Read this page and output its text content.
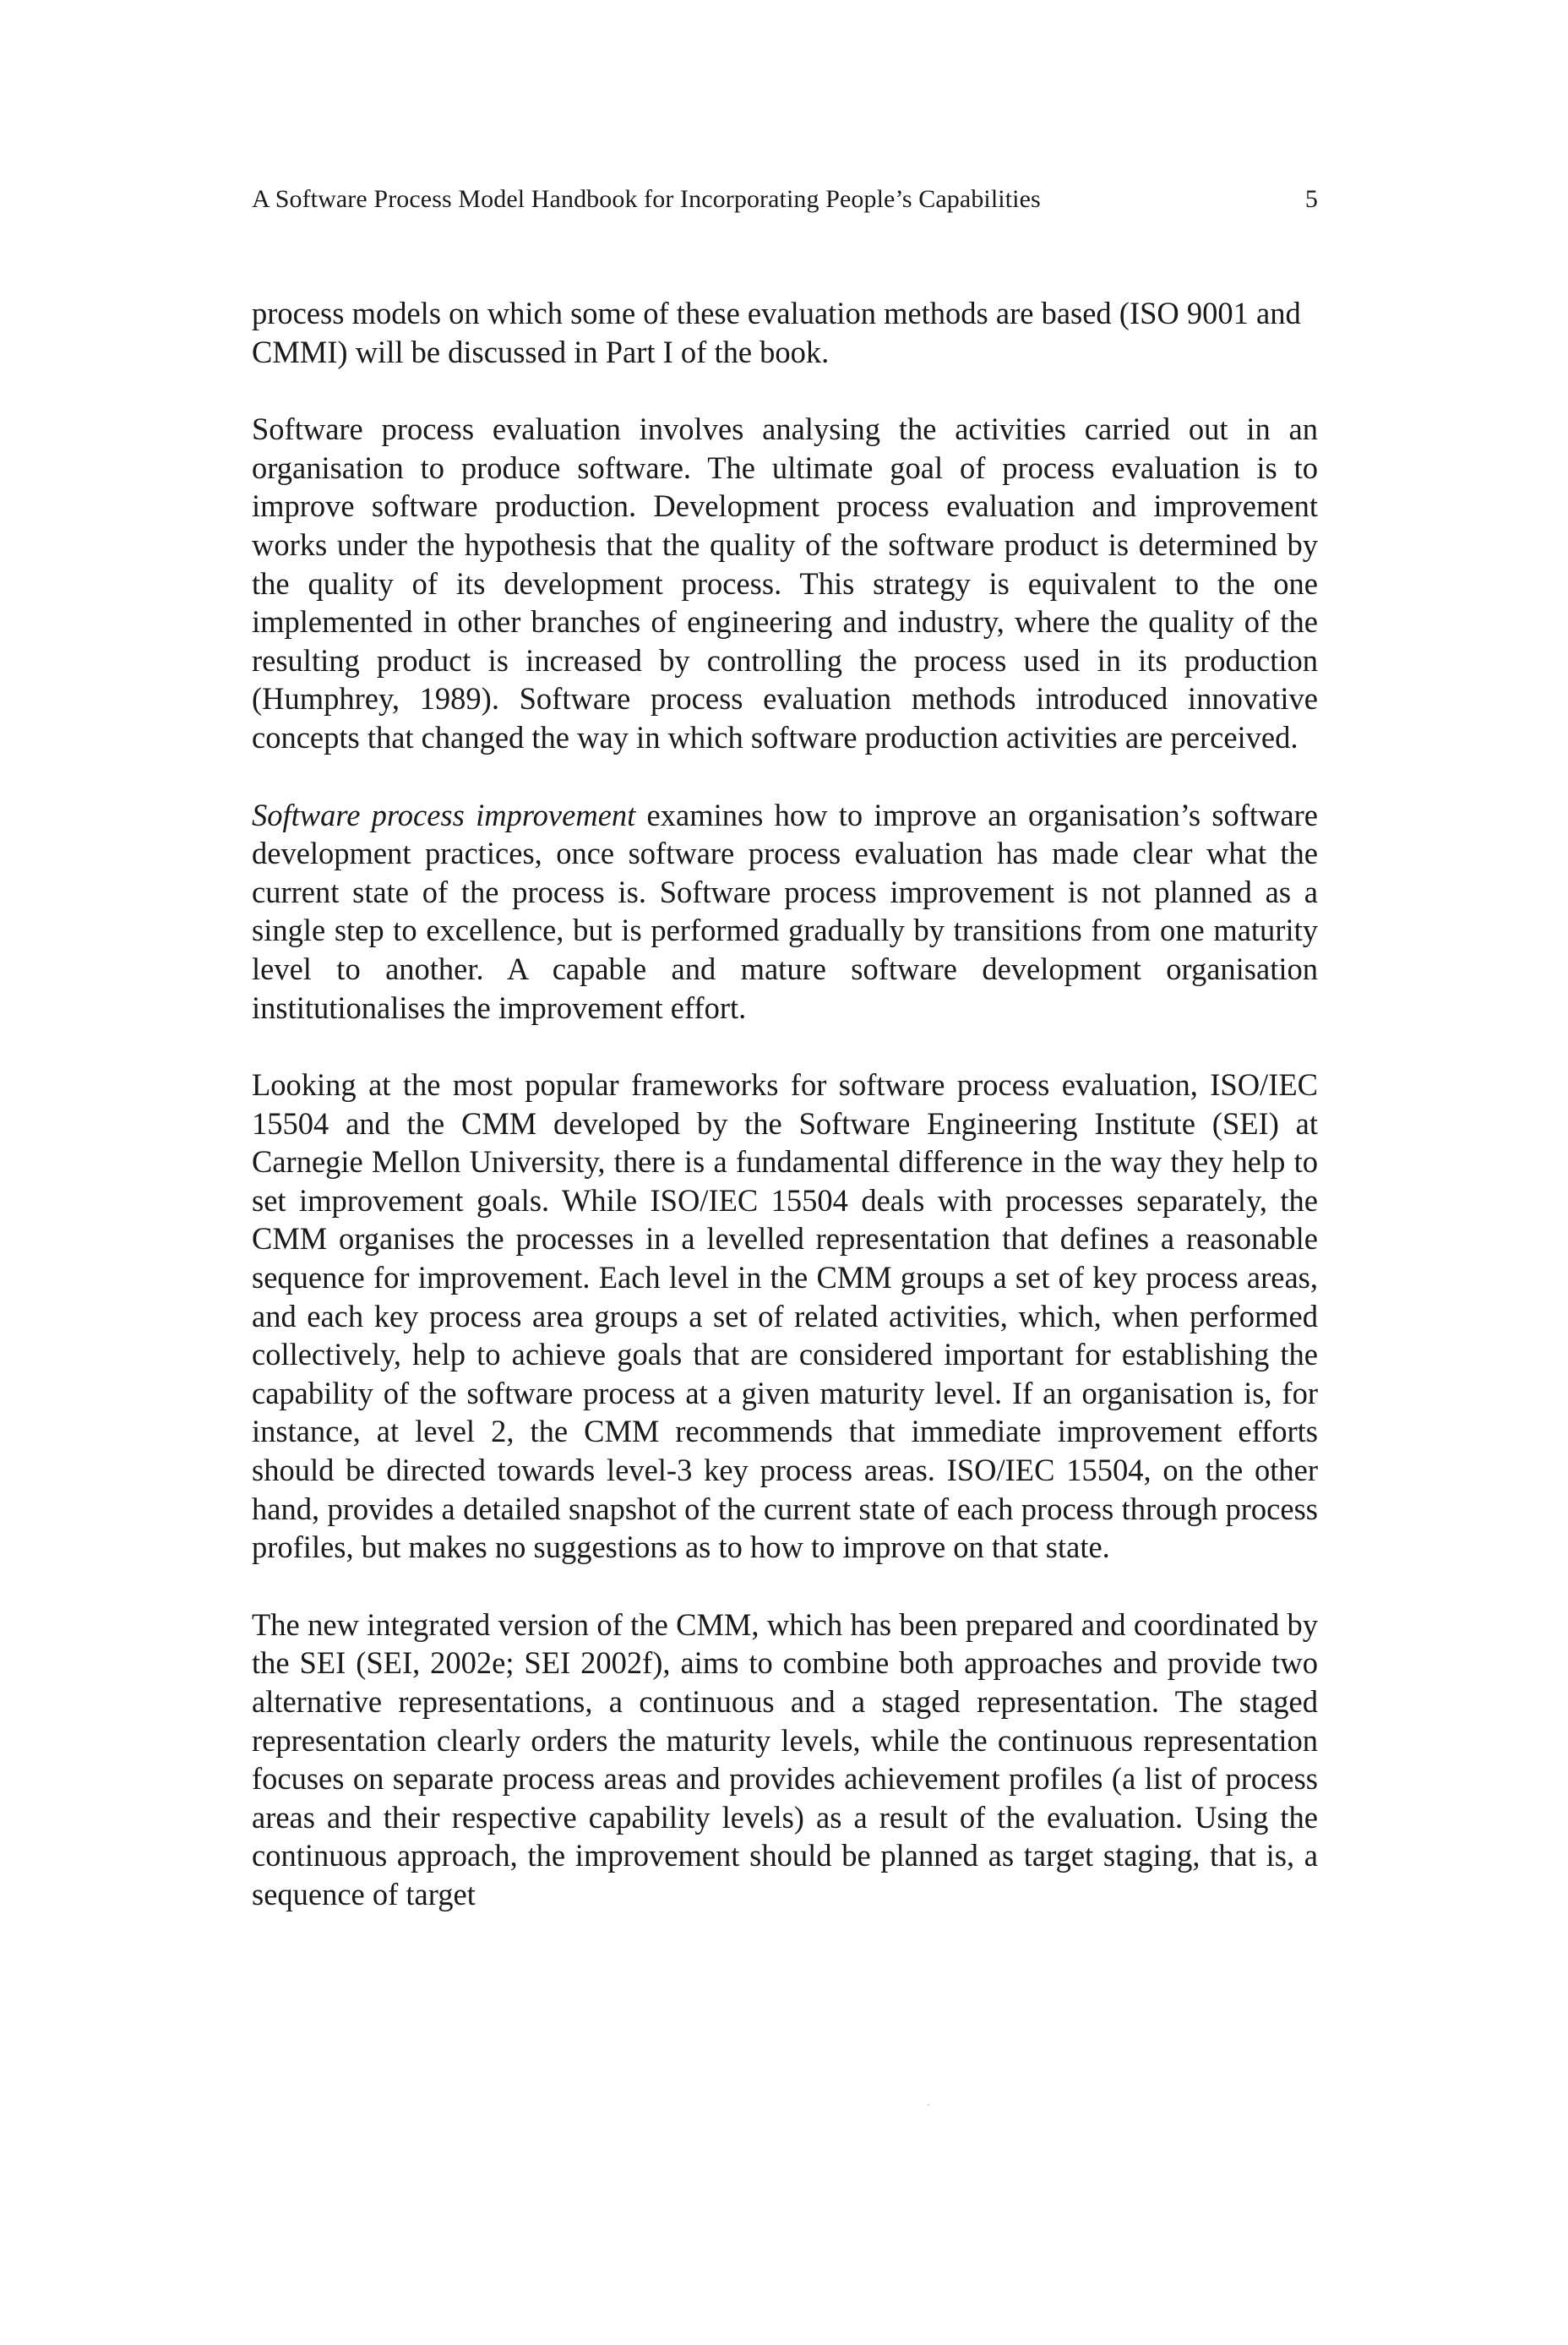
A Software Process Model Handbook for Incorporating People’s Capabilities	5

process models on which some of these evaluation methods are based (ISO 9001 and CMMI) will be discussed in Part I of the book.

Software process evaluation involves analysing the activities carried out in an organisation to produce software. The ultimate goal of process evaluation is to improve software production. Development process evaluation and improvement works under the hypothesis that the quality of the software product is determined by the quality of its development process. This strategy is equivalent to the one implemented in other branches of engineering and industry, where the quality of the resulting product is increased by controlling the process used in its production (Humphrey, 1989). Software process evaluation methods introduced innovative concepts that changed the way in which software production activities are perceived.

Software process improvement examines how to improve an organisation’s software development practices, once software process evaluation has made clear what the current state of the process is. Software process improvement is not planned as a single step to excellence, but is performed gradually by transitions from one maturity level to another. A capable and mature software development organisation institutionalises the improvement effort.

Looking at the most popular frameworks for software process evaluation, ISO/IEC 15504 and the CMM developed by the Software Engineering Institute (SEI) at Carnegie Mellon University, there is a fundamental difference in the way they help to set improvement goals. While ISO/IEC 15504 deals with processes separately, the CMM organises the processes in a levelled representation that defines a reasonable sequence for improvement. Each level in the CMM groups a set of key process areas, and each key process area groups a set of related activities, which, when performed collectively, help to achieve goals that are considered important for establishing the capability of the software process at a given maturity level. If an organisation is, for instance, at level 2, the CMM recommends that immediate improvement efforts should be directed towards level-3 key process areas. ISO/IEC 15504, on the other hand, provides a detailed snapshot of the current state of each process through process profiles, but makes no suggestions as to how to improve on that state.

The new integrated version of the CMM, which has been prepared and coordinated by the SEI (SEI, 2002e; SEI 2002f), aims to combine both approaches and provide two alternative representations, a continuous and a staged representation. The staged representation clearly orders the maturity levels, while the continuous representation focuses on separate process areas and provides achievement profiles (a list of process areas and their respective capability levels) as a result of the evaluation. Using the continuous approach, the improvement should be planned as target staging, that is, a sequence of target
